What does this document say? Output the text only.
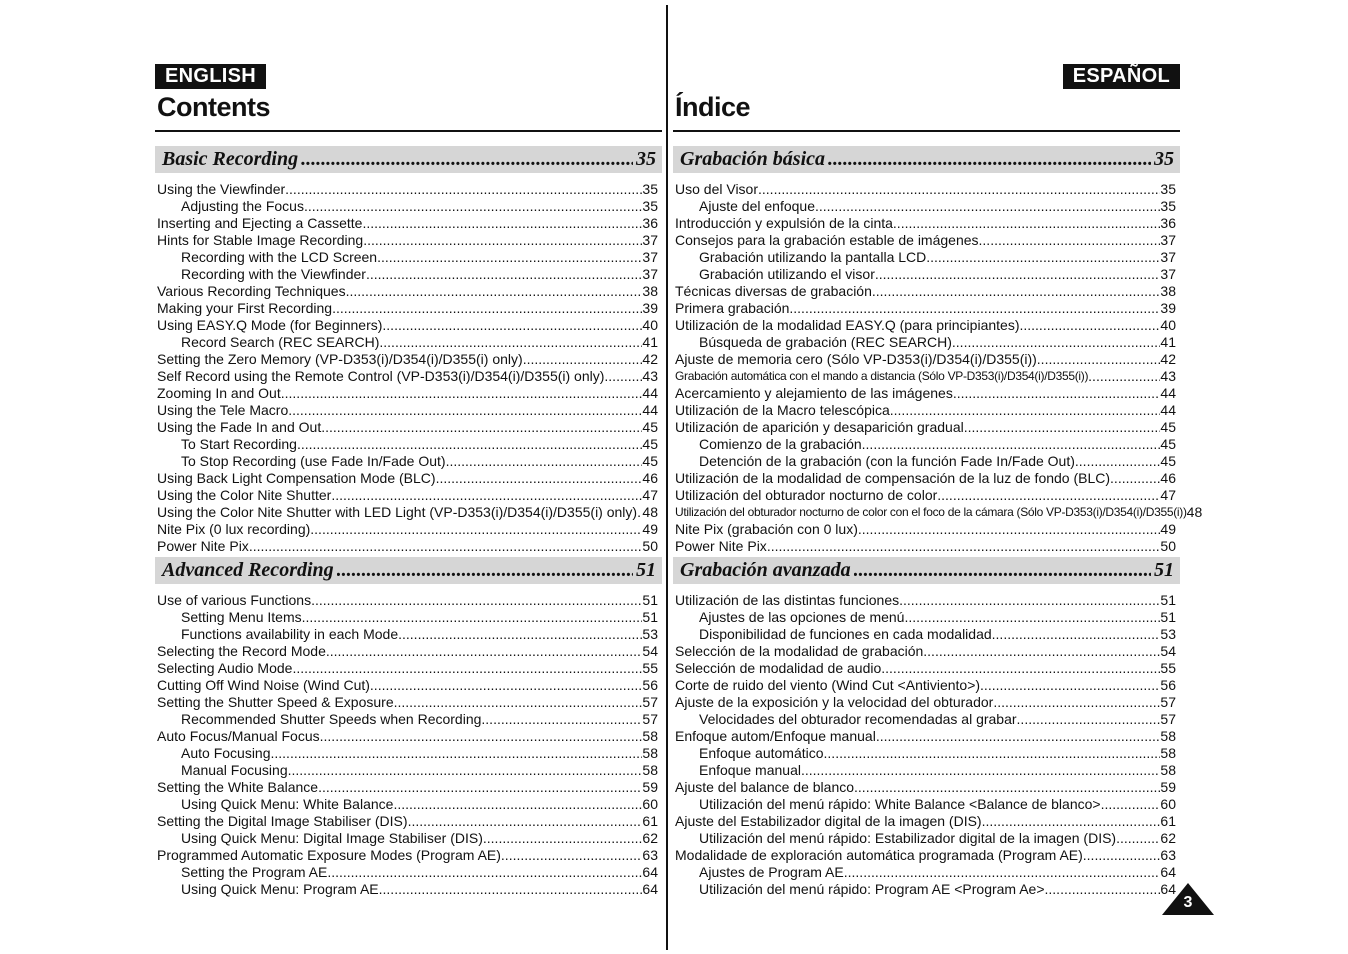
ENGLISH
Contents
Basic Recording .....	35
Using the Viewfinder .....	35
Adjusting the Focus .....	35
Inserting and Ejecting a Cassette .....	36
Hints for Stable Image Recording .....	37
Recording with the LCD Screen .....	37
Recording with the Viewfinder .....	37
Various Recording Techniques .....	38
Making your First Recording .....	39
Using EASY.Q Mode (for Beginners) .....	40
Record Search (REC SEARCH) .....	41
Setting the Zero Memory (VP-D353(i)/D354(i)/D355(i) only) .....	42
Self Record using the Remote Control (VP-D353(i)/D354(i)/D355(i) only) .....	43
Zooming In and Out .....	44
Using the Tele Macro .....	44
Using the Fade In and Out .....	45
To Start Recording .....	45
To Stop Recording (use Fade In/Fade Out) .....	45
Using Back Light Compensation Mode (BLC) .....	46
Using the Color Nite Shutter .....	47
Using the Color Nite Shutter with LED Light (VP-D353(i)/D354(i)/D355(i) only) ..... 48
Nite Pix (0 lux recording) .....	49
Power Nite Pix .....	50
Advanced Recording .....	51
Use of various Functions .....	51
Setting Menu Items .....	51
Functions availability in each Mode .....	53
Selecting the Record Mode .....	54
Selecting Audio Mode .....	55
Cutting Off Wind Noise (Wind Cut) .....	56
Setting the Shutter Speed & Exposure .....	57
Recommended Shutter Speeds when Recording .....	57
Auto Focus/Manual Focus .....	58
Auto Focusing .....	58
Manual Focusing .....	58
Setting the White Balance .....	59
Using Quick Menu: White Balance .....	60
Setting the Digital Image Stabiliser (DIS) .....	61
Using Quick Menu: Digital Image Stabiliser (DIS) .....	62
Programmed Automatic Exposure Modes (Program AE) .....	63
Setting the Program AE .....	64
Using Quick Menu: Program AE .....	64
ESPAÑOL
Índice
Grabación básica .....	35
Uso del Visor .....	35
Ajuste del enfoque .....	35
Introducción y expulsión de la cinta .....	36
Consejos para la grabación estable de imágenes .....	37
Grabación utilizando la pantalla LCD .....	37
Grabación utilizando el visor .....	37
Técnicas diversas de grabación .....	38
Primera grabación .....	39
Utilización de la modalidad EASY.Q (para principiantes) .....	40
Búsqueda de grabación (REC SEARCH) .....	41
Ajuste de memoria cero (Sólo VP-D353(i)/D354(i)/D355(i)) .....	42
Grabación automática con el mando a distancia (Sólo VP-D353(i)/D354(i)/D355(i)) .....	43
Acercamiento y alejamiento de las imágenes .....	44
Utilización de la Macro telescópica .....	44
Utilización de aparición y desaparición gradual .....	45
Comienzo de la grabación .....	45
Detención de la grabación (con la función Fade In/Fade Out) .....	45
Utilización de la modalidad de compensación de la luz de fondo (BLC) .....	46
Utilización del obturador nocturno de color .....	47
Utilización del obturador nocturno de color con el foco de la cámara (Sólo VP-D353(i)/D354(i)/D355(i)) 48
Nite Pix (grabación con 0 lux) .....	49
Power Nite Pix .....	50
Grabación avanzada .....	51
Utilización de las distintas funciones .....	51
Ajustes de las opciones de menú .....	51
Disponibilidad de funciones en cada modalidad .....	53
Selección de la modalidad de grabación .....	54
Selección de modalidad de audio .....	55
Corte de ruido del viento (Wind Cut <Antiviento>) .....	56
Ajuste de la exposición y la velocidad del obturador .....	57
Velocidades del obturador recomendadas al grabar .....	57
Enfoque autom/Enfoque manual .....	58
Enfoque automático .....	58
Enfoque manual .....	58
Ajuste del balance de blanco .....	59
Utilización del menú rápido: White Balance <Balance de blanco> .....	60
Ajuste del Estabilizador digital de la imagen (DIS) .....	61
Utilización del menú rápido: Estabilizador digital de la imagen (DIS) .....	62
Modalidade de exploración automática programada (Program AE) .....	63
Ajustes de Program AE .....	64
Utilización del menú rápido: Program AE <Program Ae> .....	64
3
